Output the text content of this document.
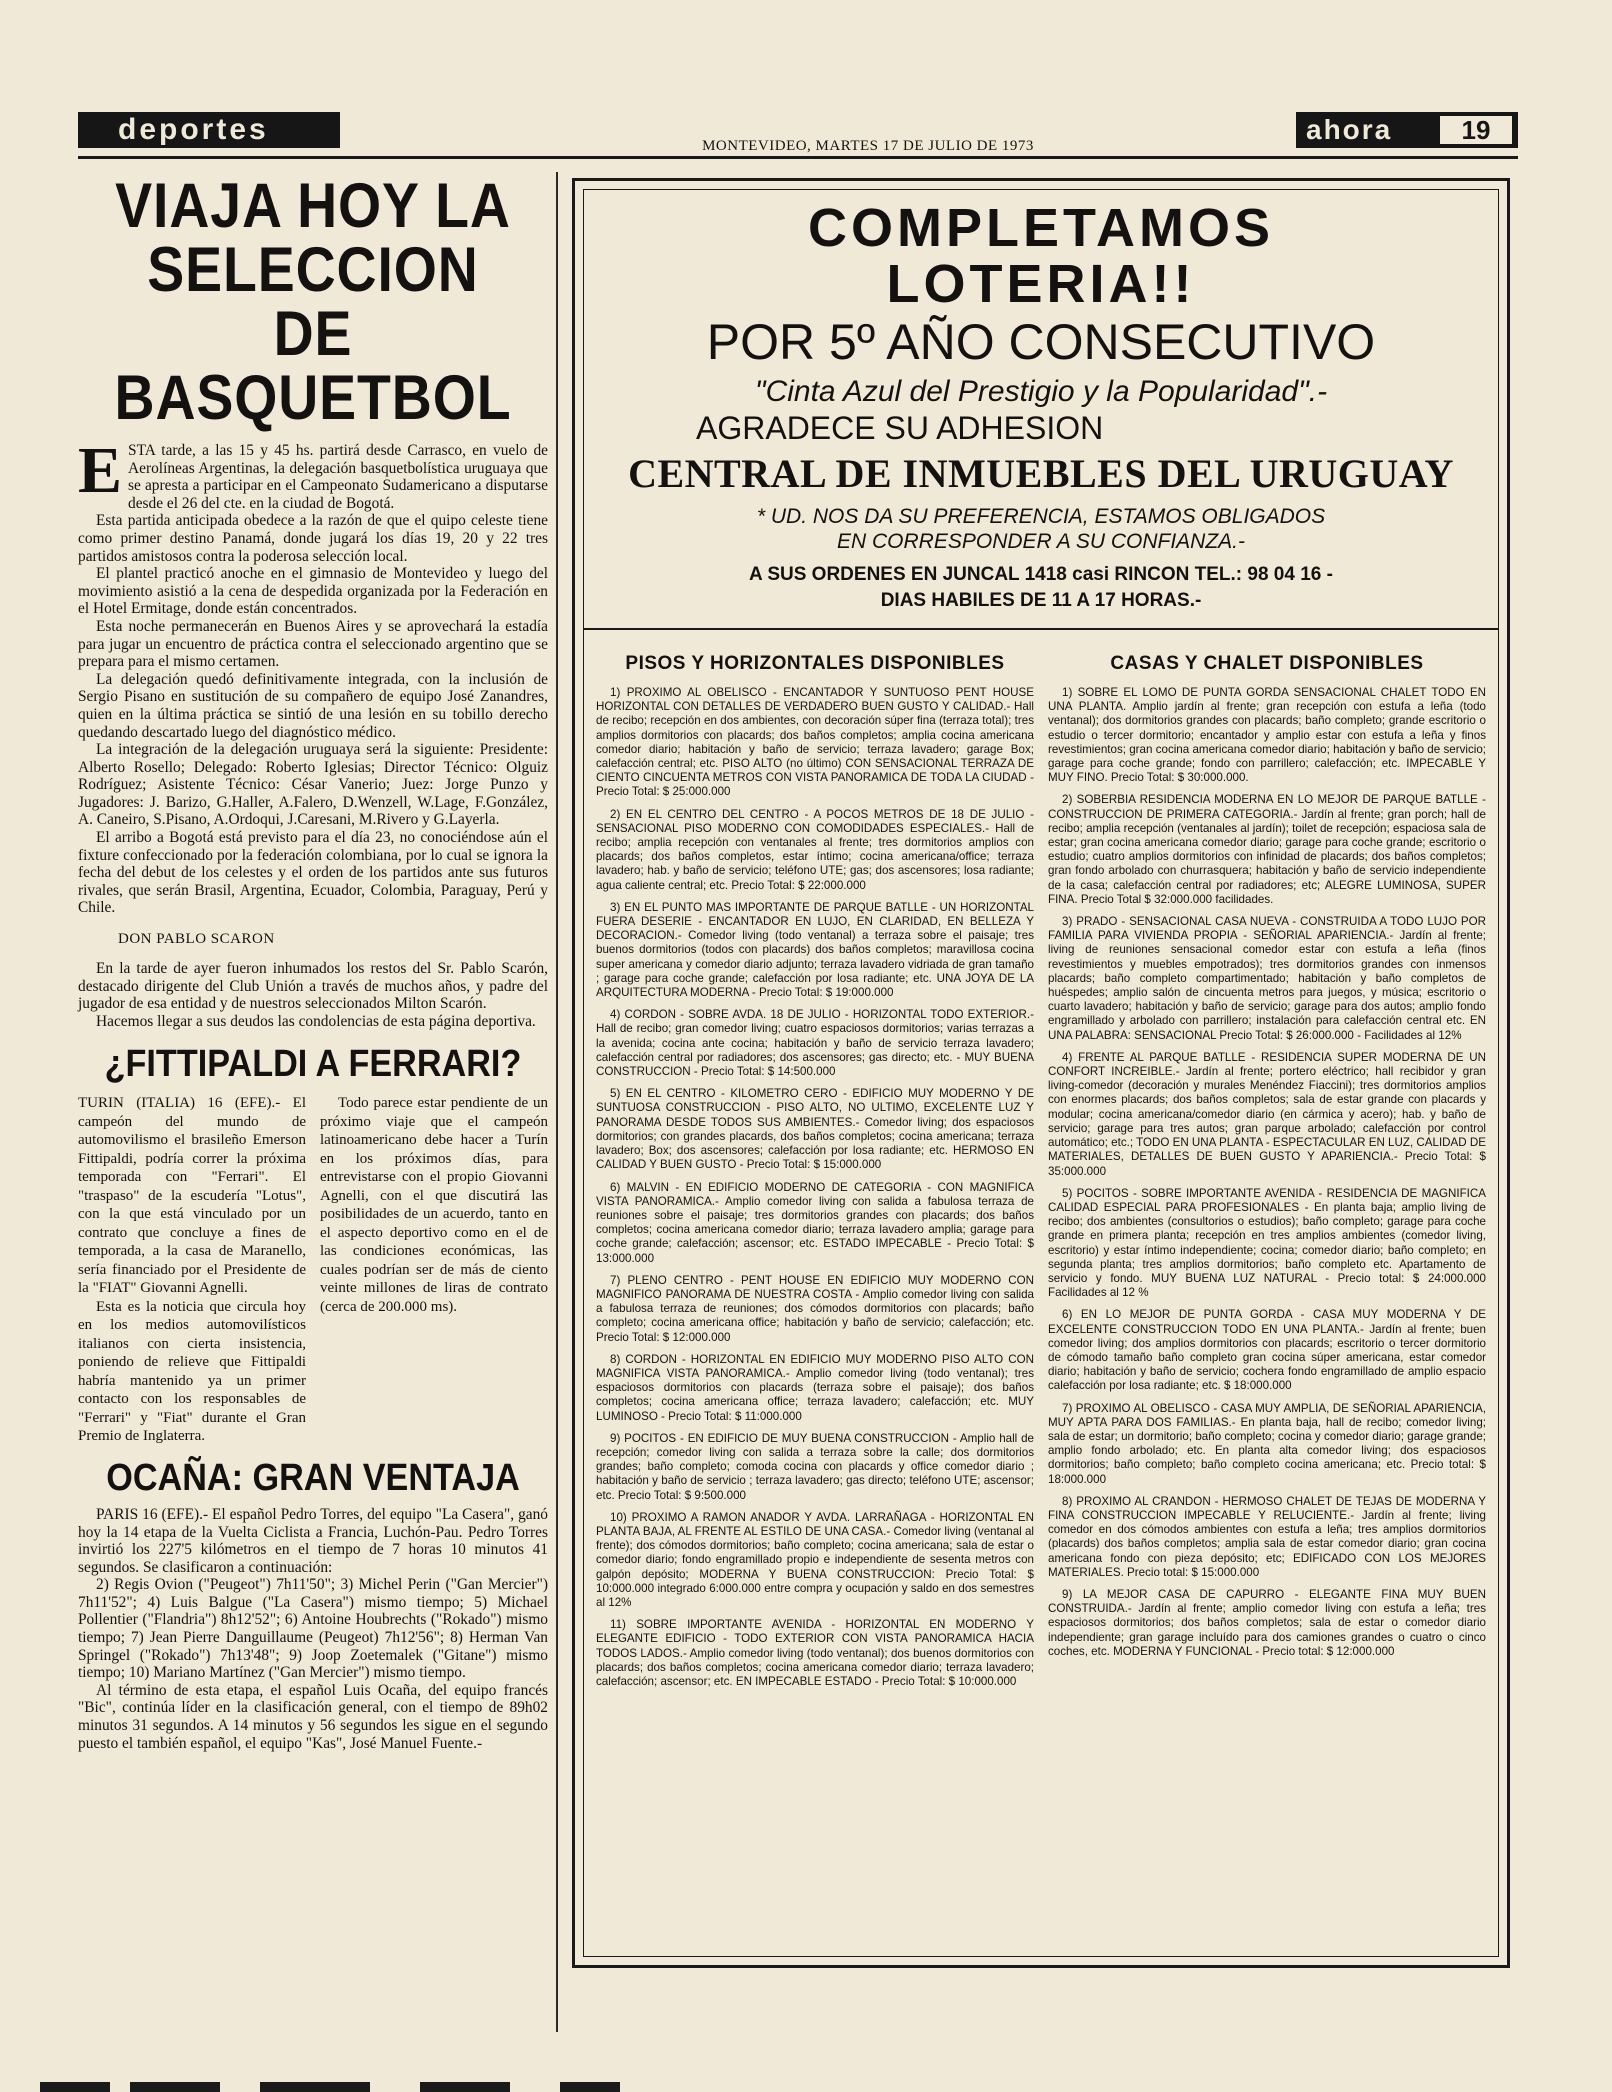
deportes	MONTEVIDEO, MARTES 17 DE JULIO DE 1973
ahora	19
VIAJA HOY LA
SELECCION DE
BASQUETBOL

ESTA tarde, a las 15 y 45 hs. partirá desde Carrasco, en vuelo de Aerolíneas Argentinas, la delegación basquetbolística uruguaya que se apresta a participar en el Campeonato Sudamericano a disputarse desde el 26 del cte. en la ciudad de Bogotá.

Esta partida anticipada obedece a la razón de que el quipo celeste tiene como primer destino Panamá, donde jugará los días 19, 20 y 22 tres partidos amistosos contra la poderosa selección local.

El plantel practicó anoche en el gimnasio de Montevideo y luego del movimiento asistió a la cena de despedida organizada por la Federación en el Hotel Ermitage, donde están concentrados.

Esta noche permanecerán en Buenos Aires y se aprovechará la estadía para jugar un encuentro de práctica contra el seleccionado argentino que se prepara para el mismo certamen.

La delegación quedó definitivamente integrada, con la inclusión de Sergio Pisano en sustitución de su compañero de equipo José Zanandres, quien en la última práctica se sintió de una lesión en su tobillo derecho quedando descartado luego del diagnóstico médico.

La integración de la delegación uruguaya será la siguiente: Presidente: Alberto Rosello; Delegado: Roberto Iglesias; Director Técnico: Olguiz Rodríguez; Asistente Técnico: César Vanerio; Juez: Jorge Punzo y Jugadores: J. Barizo, G.Haller, A.Falero, D.Wenzell, W.Lage, F.González, A. Caneiro, S.Pisano, A.Ordoqui, J.Caresani, M.Rivero y G.Layerla.

El arribo a Bogotá está previsto para el día 23, no conociéndose aún el fixture confeccionado por la federación colombiana, por lo cual se ignora la fecha del debut de los celestes y el orden de los partidos ante sus futuros rivales, que serán Brasil, Argentina, Ecuador, Colombia, Paraguay, Perú y Chile.

DON PABLO SCARON

En la tarde de ayer fueron inhumados los restos del Sr. Pablo Scarón, destacado dirigente del Club Unión a través de muchos años, y padre del jugador de esa entidad y de nuestros seleccionados Milton Scarón.

Hacemos llegar a sus deudos las condolencias de esta página deportiva.

¿FITTIPALDI A FERRARI?

TURIN (ITALIA) 16 (EFE).- El campeón del mundo de automovilismo el brasileño Emerson Fittipaldi, podría correr la próxima temporada con "Ferrari". El "traspaso" de la escudería "Lotus", con la que está vinculado por un contrato que concluye a fines de temporada, a la casa de Maranello, sería financiado por el Presidente de la "FIAT" Giovanni Agnelli.

Esta es la noticia que circula hoy en los medios automovilísticos italianos con cierta insistencia, poniendo de relieve que Fittipaldi habría mantenido ya un primer contacto con los responsables de "Ferrari" y "Fiat" durante el Gran Premio de Inglaterra.

Todo parece estar pendiente de un próximo viaje que el campeón latinoamericano debe hacer a Turín en los próximos días, para entrevistarse con el propio Giovanni Agnelli, con el que discutirá las posibilidades de un acuerdo, tanto en el aspecto deportivo como en el de las condiciones económicas, las cuales podrían ser de más de ciento veinte millones de liras de contrato (cerca de 200.000 ms).

OCAÑA: GRAN VENTAJA

PARIS 16 (EFE).- El español Pedro Torres, del equipo "La Casera", ganó hoy la 14 etapa de la Vuelta Ciclista a Francia, Luchón-Pau. Pedro Torres invirtió los 227'5 kilómetros en el tiempo de 7 horas 10 minutos 41 segundos. Se clasificaron a continuación:

2) Regis Ovion ("Peugeot") 7h11'50"; 3) Michel Perin ("Gan Mercier") 7h11'52"; 4) Luis Balgue ("La Casera") mismo tiempo; 5) Michael Pollentier ("Flandria") 8h12'52"; 6) Antoine Houbrechts ("Rokado") mismo tiempo; 7) Jean Pierre Danguillaume (Peugeot) 7h12'56"; 8) Herman Van Springel ("Rokado") 7h13'48"; 9) Joop Zoetemalek ("Gitane") mismo tiempo; 10) Mariano Martínez ("Gan Mercier") mismo tiempo.

Al término de esta etapa, el español Luis Ocaña, del equipo francés "Bic", continúa líder en la clasificación general, con el tiempo de 89h02 minutos 31 segundos. A 14 minutos y 56 segundos les sigue en el segundo puesto el también español, el equipo "Kas", José Manuel Fuente.-

COMPLETAMOS
LOTERIA!!
POR 5º AÑO CONSECUTIVO
"Cinta Azul del Prestigio y la Popularidad".-
AGRADECE SU ADHESION
CENTRAL DE INMUEBLES DEL URUGUAY
* UD. NOS DA SU PREFERENCIA, ESTAMOS OBLIGADOS
EN CORRESPONDER A SU CONFIANZA.-
A SUS ORDENES EN JUNCAL 1418 casi RINCON TEL.: 98 04 16 -
DIAS HABILES DE 11 A 17 HORAS.-
PISOS Y HORIZONTALES DISPONIBLES

1) PROXIMO AL OBELISCO - ENCANTADOR Y SUNTUOSO PENT HOUSE HORIZONTAL CON DETALLES DE VERDADERO BUEN GUSTO Y CALIDAD.- Hall de recibo; recepción en dos ambientes, con decoración súper fina (terraza total); tres amplios dormitorios con placards; dos baños completos; amplia cocina americana comedor diario; habitación y baño de servicio; terraza lavadero; garage Box; calefacción central; etc. PISO ALTO (no último) CON SENSACIONAL TERRAZA DE CIENTO CINCUENTA METROS CON VISTA PANORAMICA DE TODA LA CIUDAD - Precio Total: $ 25:000.000

2) EN EL CENTRO DEL CENTRO - A POCOS METROS DE 18 DE JULIO - SENSACIONAL PISO MODERNO CON COMODIDADES ESPECIALES.- Hall de recibo; amplia recepción con ventanales al frente; tres dormitorios amplios con placards; dos baños completos, estar íntimo; cocina americana/office; terraza lavadero; hab. y baño de servicio; teléfono UTE; gas; dos ascensores; losa radiante; agua caliente central; etc. Precio Total: $ 22:000.000

3) EN EL PUNTO MAS IMPORTANTE DE PARQUE BATLLE - UN HORIZONTAL FUERA DESERIE - ENCANTADOR EN LUJO, EN CLARIDAD, EN BELLEZA Y DECORACION.- Comedor living (todo ventanal) a terraza sobre el paisaje; tres buenos dormitorios (todos con placards) dos baños completos; maravillosa cocina super americana y comedor diario adjunto; terraza lavadero vidriada de gran tamaño ; garage para coche grande; calefacción por losa radiante; etc. UNA JOYA DE LA ARQUITECTURA MODERNA - Precio Total: $ 19:000.000

4) CORDON - SOBRE AVDA. 18 DE JULIO - HORIZONTAL TODO EXTERIOR.- Hall de recibo; gran comedor living; cuatro espaciosos dormitorios; varias terrazas a la avenida; cocina ante cocina; habitación y baño de servicio terraza lavadero; calefacción central por radiadores; dos ascensores; gas directo; etc. - MUY BUENA CONSTRUCCION - Precio Total: $ 14:500.000

5) EN EL CENTRO - KILOMETRO CERO - EDIFICIO MUY MODERNO Y DE SUNTUOSA CONSTRUCCION - PISO ALTO, NO ULTIMO, EXCELENTE LUZ Y PANORAMA DESDE TODOS SUS AMBIENTES.- Comedor living; dos espaciosos dormitorios; con grandes placards, dos baños completos; cocina americana; terraza lavadero; Box; dos ascensores; calefacción por losa radiante; etc. HERMOSO EN CALIDAD Y BUEN GUSTO - Precio Total: $ 15:000.000

6) MALVIN - EN EDIFICIO MODERNO DE CATEGORIA - CON MAGNIFICA VISTA PANORAMICA.- Amplio comedor living con salida a fabulosa terraza de reuniones sobre el paisaje; tres dormitorios grandes con placards; dos baños completos; cocina americana comedor diario; terraza lavadero amplia; garage para coche grande; calefacción; ascensor; etc. ESTADO IMPECABLE - Precio Total: $ 13:000.000

7) PLENO CENTRO - PENT HOUSE EN EDIFICIO MUY MODERNO CON MAGNIFICO PANORAMA DE NUESTRA COSTA - Amplio comedor living con salida a fabulosa terraza de reuniones; dos cómodos dormitorios con placards; baño completo; cocina americana office; habitación y baño de servicio; calefacción; etc. Precio Total: $ 12:000.000

8) CORDON - HORIZONTAL EN EDIFICIO MUY MODERNO PISO ALTO CON MAGNIFICA VISTA PANORAMICA.- Amplio comedor living (todo ventanal); tres espaciosos dormitorios con placards (terraza sobre el paisaje); dos baños completos; cocina americana office; terraza lavadero; calefacción; etc. MUY LUMINOSO - Precio Total: $ 11:000.000

9) POCITOS - EN EDIFICIO DE MUY BUENA CONSTRUCCION - Amplio hall de recepción; comedor living con salida a terraza sobre la calle; dos dormitorios grandes; baño completo; comoda cocina con placards y office comedor diario ; habitación y baño de servicio ; terraza lavadero; gas directo; teléfono UTE; ascensor; etc. Precio Total: $ 9:500.000

10) PROXIMO A RAMON ANADOR Y AVDA. LARRAÑAGA - HORIZONTAL EN PLANTA BAJA, AL FRENTE AL ESTILO DE UNA CASA.- Comedor living (ventanal al frente); dos cómodos dormitorios; baño completo; cocina americana; sala de estar o comedor diario; fondo engramillado propio e independiente de sesenta metros con galpón depósito; MODERNA Y BUENA CONSTRUCCION: Precio Total: $ 10:000.000 integrado 6:000.000 entre compra y ocupación y saldo en dos semestres al 12%

11) SOBRE IMPORTANTE AVENIDA - HORIZONTAL EN MODERNO Y ELEGANTE EDIFICIO - TODO EXTERIOR CON VISTA PANORAMICA HACIA TODOS LADOS.- Amplio comedor living (todo ventanal); dos buenos dormitorios con placards; dos baños completos; cocina americana comedor diario; terraza lavadero; calefacción; ascensor; etc. EN IMPECABLE ESTADO - Precio Total: $ 10:000.000

CASAS Y CHALET DISPONIBLES

1) SOBRE EL LOMO DE PUNTA GORDA SENSACIONAL CHALET TODO EN UNA PLANTA. Amplio jardín al frente; gran recepción con estufa a leña (todo ventanal); dos dormitorios grandes con placards; baño completo; grande escritorio o estudio o tercer dormitorio; encantador y amplio estar con estufa a leña y finos revestimientos; gran cocina americana comedor diario; habitación y baño de servicio; garage para coche grande; fondo con parrillero; calefacción; etc. IMPECABLE Y MUY FINO. Precio Total: $ 30:000.000.

2) SOBERBIA RESIDENCIA MODERNA EN LO MEJOR DE PARQUE BATLLE - CONSTRUCCION DE PRIMERA CATEGORIA.- Jardín al frente; gran porch; hall de recibo; amplia recepción (ventanales al jardín); toilet de recepción; espaciosa sala de estar; gran cocina americana comedor diario; garage para coche grande; escritorio o estudio; cuatro amplios dormitorios con infinidad de placards; dos baños completos; gran fondo arbolado con churrasquera; habitación y baño de servicio independiente de la casa; calefacción central por radiadores; etc; ALEGRE LUMINOSA, SUPER FINA. Precio Total $ 32:000.000 facilidades.

3) PRADO - SENSACIONAL CASA NUEVA - CONSTRUIDA A TODO LUJO POR FAMILIA PARA VIVIENDA PROPIA - SEÑORIAL APARIENCIA.- Jardín al frente; living de reuniones sensacional comedor estar con estufa a leña (finos revestimientos y muebles empotrados); tres dormitorios grandes con inmensos placards; baño completo compartimentado; habitación y baño completos de huéspedes; amplio salón de cincuenta metros para juegos, y música; escritorio o cuarto lavadero; habitación y baño de servicio; garage para dos autos; amplio fondo engramillado y arbolado con parrillero; instalación para calefacción central etc. EN UNA PALABRA: SENSACIONAL Precio Total: $ 26:000.000 - Facilidades al 12%

4) FRENTE AL PARQUE BATLLE - RESIDENCIA SUPER MODERNA DE UN CONFORT INCREIBLE.- Jardín al frente; portero eléctrico; hall recibidor y gran living-comedor (decoración y murales Menéndez Fiaccini); tres dormitorios amplios con enormes placards; dos baños completos; sala de estar grande con placards y modular; cocina americana/comedor diario (en cármica y acero); hab. y baño de servicio; garage para tres autos; gran parque arbolado; calefacción por control automático; etc.; TODO EN UNA PLANTA - ESPECTACULAR EN LUZ, CALIDAD DE MATERIALES, DETALLES DE BUEN GUSTO Y APARIENCIA.- Precio Total: $ 35:000.000

5) POCITOS - SOBRE IMPORTANTE AVENIDA - RESIDENCIA DE MAGNIFICA CALIDAD ESPECIAL PARA PROFESIONALES - En planta baja; amplio living de recibo; dos ambientes (consultorios o estudios); baño completo; garage para coche grande en primera planta; recepción en tres amplios ambientes (comedor living, escritorio) y estar íntimo independiente; cocina; comedor diario; baño completo; en segunda planta; tres amplios dormitorios; baño completo etc. Apartamento de servicio y fondo. MUY BUENA LUZ NATURAL - Precio total: $ 24:000.000 Facilidades al 12 %

6) EN LO MEJOR DE PUNTA GORDA - CASA MUY MODERNA Y DE EXCELENTE CONSTRUCCION TODO EN UNA PLANTA.- Jardín al frente; buen comedor living; dos amplios dormitorios con placards; escritorio o tercer dormitorio de cómodo tamaño baño completo gran cocina súper americana, estar comedor diario; habitación y baño de servicio; cochera fondo engramillado de amplio espacio calefacción por losa radiante; etc. $ 18:000.000

7) PROXIMO AL OBELISCO - CASA MUY AMPLIA, DE SEÑORIAL APARIENCIA, MUY APTA PARA DOS FAMILIAS.- En planta baja, hall de recibo; comedor living; sala de estar; un dormitorio; baño completo; cocina y comedor diario; garage grande; amplio fondo arbolado; etc. En planta alta comedor living; dos espaciosos dormitorios; baño completo; baño completo cocina americana; etc. Precio total: $ 18:000.000

8) PROXIMO AL CRANDON - HERMOSO CHALET DE TEJAS DE MODERNA Y FINA CONSTRUCCION IMPECABLE Y RELUCIENTE.- Jardín al frente; living comedor en dos cómodos ambientes con estufa a leña; tres amplios dormitorios (placards) dos baños completos; amplia sala de estar comedor diario; gran cocina americana fondo con pieza depósito; etc; EDIFICADO CON LOS MEJORES MATERIALES. Precio total: $ 15:000.000

9) LA MEJOR CASA DE CAPURRO - ELEGANTE FINA MUY BUEN CONSTRUIDA.- Jardín al frente; amplio comedor living con estufa a leña; tres espaciosos dormitorios; dos baños completos; sala de estar o comedor diario independiente; gran garage incluído para dos camiones grandes o cuatro o cinco coches, etc. MODERNA Y FUNCIONAL - Precio total: $ 12:000.000
